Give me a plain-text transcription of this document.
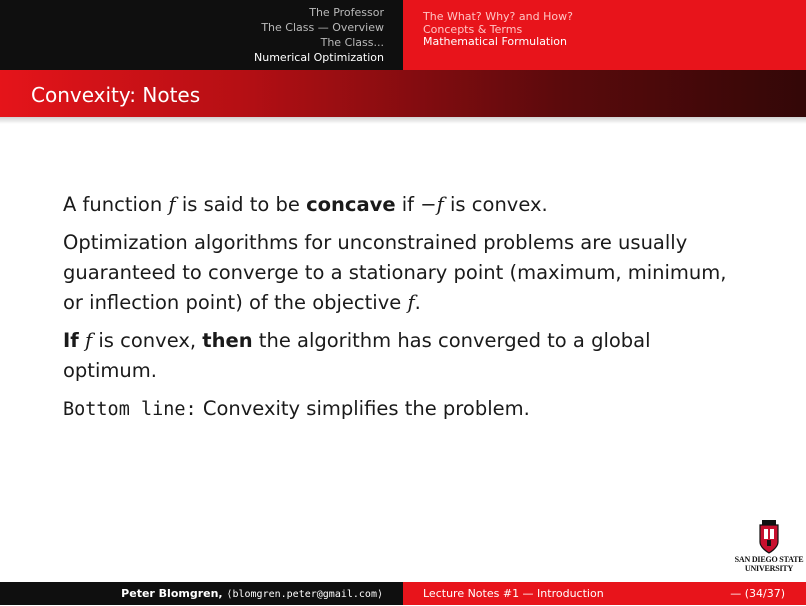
The Professor
The Class — Overview
The Class...
Numerical Optimization
The What? Why? and How?
Concepts & Terms
Mathematical Formulation
Convexity: Notes

A function f is said to be concave if −f is convex.

Optimization algorithms for unconstrained problems are usually guaranteed to converge to a stationary point (maximum, minimum, or inflection point) of the objective f.

If f is convex, then the algorithm has converged to a global optimum.

Bottom line: Convexity simplifies the problem.

SAN DIEGO STATE
UNIVERSITY
Peter Blomgren, ⟨blomgren.peter@gmail.com⟩	Lecture Notes #1 — Introduction	— (34/37)
